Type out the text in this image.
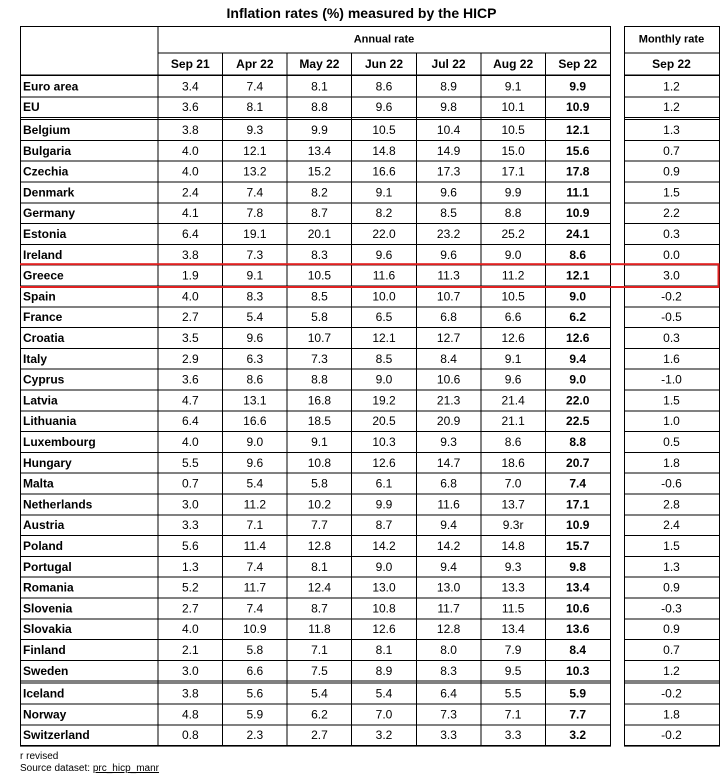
Inflation rates (%) measured by the HICP
Annual rate	Monthly rate
Sep 21 Apr 22 May 22 Jun 22 Jul 22 Aug 22 Sep 22	Sep 22
Euro area	3.4	7.4	8.1	8.6	8.9	9.1	9.9	1.2
EU	3.6	8.1	8.8	9.6	9.8	10.1	10.9	1.2
Belgium	3.8	9.3	9.9	10.5	10.4	10.5	12.1	1.3
Bulgaria	4.0	12.1	13.4	14.8	14.9	15.0	15.6	0.7
Czechia	4.0	13.2	15.2	16.6	17.3	17.1	17.8	0.9
Denmark	2.4	7.4	8.2	9.1	9.6	9.9	11.1	1.5
Germany	4.1	7.8	8.7	8.2	8.5	8.8	10.9	2.2
Estonia	6.4	19.1	20.1	22.0	23.2	25.2	24.1	0.3
Ireland	3.8	7.3	8.3	9.6	9.6	9.0	8.6	0.0
Greece	1.9	9.1	10.5	11.6	11.3	11.2	12.1	3.0
Spain	4.0	8.3	8.5	10.0	10.7	10.5	9.0	-0.2
France	2.7	5.4	5.8	6.5	6.8	6.6	6.2	-0.5
Croatia	3.5	9.6	10.7	12.1	12.7	12.6	12.6	0.3
Italy	2.9	6.3	7.3	8.5	8.4	9.1	9.4	1.6
Cyprus	3.6	8.6	8.8	9.0	10.6	9.6	9.0	-1.0
Latvia	4.7	13.1	16.8	19.2	21.3	21.4	22.0	1.5
Lithuania	6.4	16.6	18.5	20.5	20.9	21.1	22.5	1.0
Luxembourg	4.0	9.0	9.1	10.3	9.3	8.6	8.8	0.5
Hungary	5.5	9.6	10.8	12.6	14.7	18.6	20.7	1.8
Malta	0.7	5.4	5.8	6.1	6.8	7.0	7.4	-0.6
Netherlands	3.0	11.2	10.2	9.9	11.6	13.7	17.1	2.8
Austria	3.3	7.1	7.7	8.7	9.4	9.3r	10.9	2.4
Poland	5.6	11.4	12.8	14.2	14.2	14.8	15.7	1.5
Portugal	1.3	7.4	8.1	9.0	9.4	9.3	9.8	1.3
Romania	5.2	11.7	12.4	13.0	13.0	13.3	13.4	0.9
Slovenia	2.7	7.4	8.7	10.8	11.7	11.5	10.6	-0.3
Slovakia	4.0	10.9	11.8	12.6	12.8	13.4	13.6	0.9
Finland	2.1	5.8	7.1	8.1	8.0	7.9	8.4	0.7
Sweden	3.0	6.6	7.5	8.9	8.3	9.5	10.3	1.2
Iceland	3.8	5.6	5.4	5.4	6.4	5.5	5.9	-0.2
Norway	4.8	5.9	6.2	7.0	7.3	7.1	7.7	1.8
Switzerland	0.8	2.3	2.7	3.2	3.3	3.3	3.2	-0.2
r revised
Source dataset: prc_hicp_manr
